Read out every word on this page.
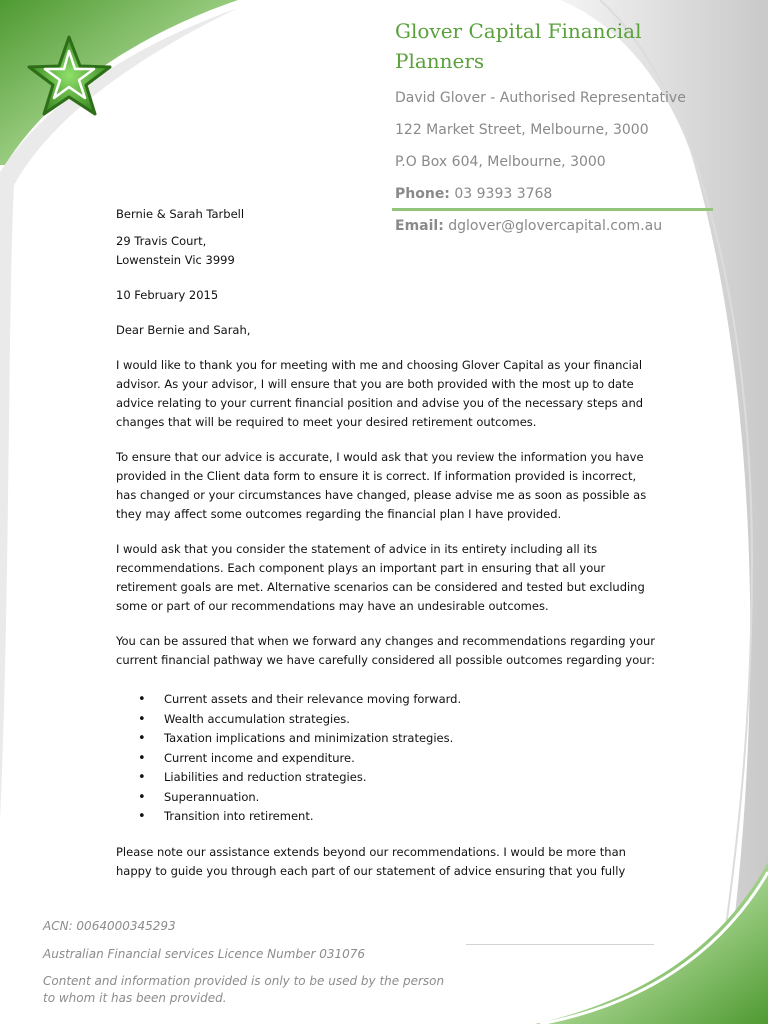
Glover Capital Financial Planners
David Glover - Authorised Representative
122 Market Street, Melbourne, 3000
P.O Box 604, Melbourne, 3000
Phone: 03 9393 3768
Email: dglover@glovercapital.com.au

Bernie & Sarah Tarbell

29 Travis Court,

Lowenstein Vic 3999

10 February 2015

Dear Bernie and Sarah,

I would like to thank you for meeting with me and choosing Glover Capital as your financial advisor. As your advisor, I will ensure that you are both provided with the most up to date advice relating to your current financial position and advise you of the necessary steps and changes that will be required to meet your desired retirement outcomes.

To ensure that our advice is accurate, I would ask that you review the information you have provided in the Client data form to ensure it is correct. If information provided is incorrect, has changed or your circumstances have changed, please advise me as soon as possible as they may affect some outcomes regarding the financial plan I have provided.

I would ask that you consider the statement of advice in its entirety including all its recommendations. Each component plays an important part in ensuring that all your retirement goals are met. Alternative scenarios can be considered and tested but excluding some or part of our recommendations may have an undesirable outcomes.

You can be assured that when we forward any changes and recommendations regarding your current financial pathway we have carefully considered all possible outcomes regarding your:

• Current assets and their relevance moving forward.
• Wealth accumulation strategies.
• Taxation implications and minimization strategies.
• Current income and expenditure.
• Liabilities and reduction strategies.
• Superannuation.
• Transition into retirement.

Please note our assistance extends beyond our recommendations. I would be more than happy to guide you through each part of our statement of advice ensuring that you fully

ACN: 0064000345293
Australian Financial services Licence Number 031076
Content and information provided is only to be used by the person to whom it has been provided.
